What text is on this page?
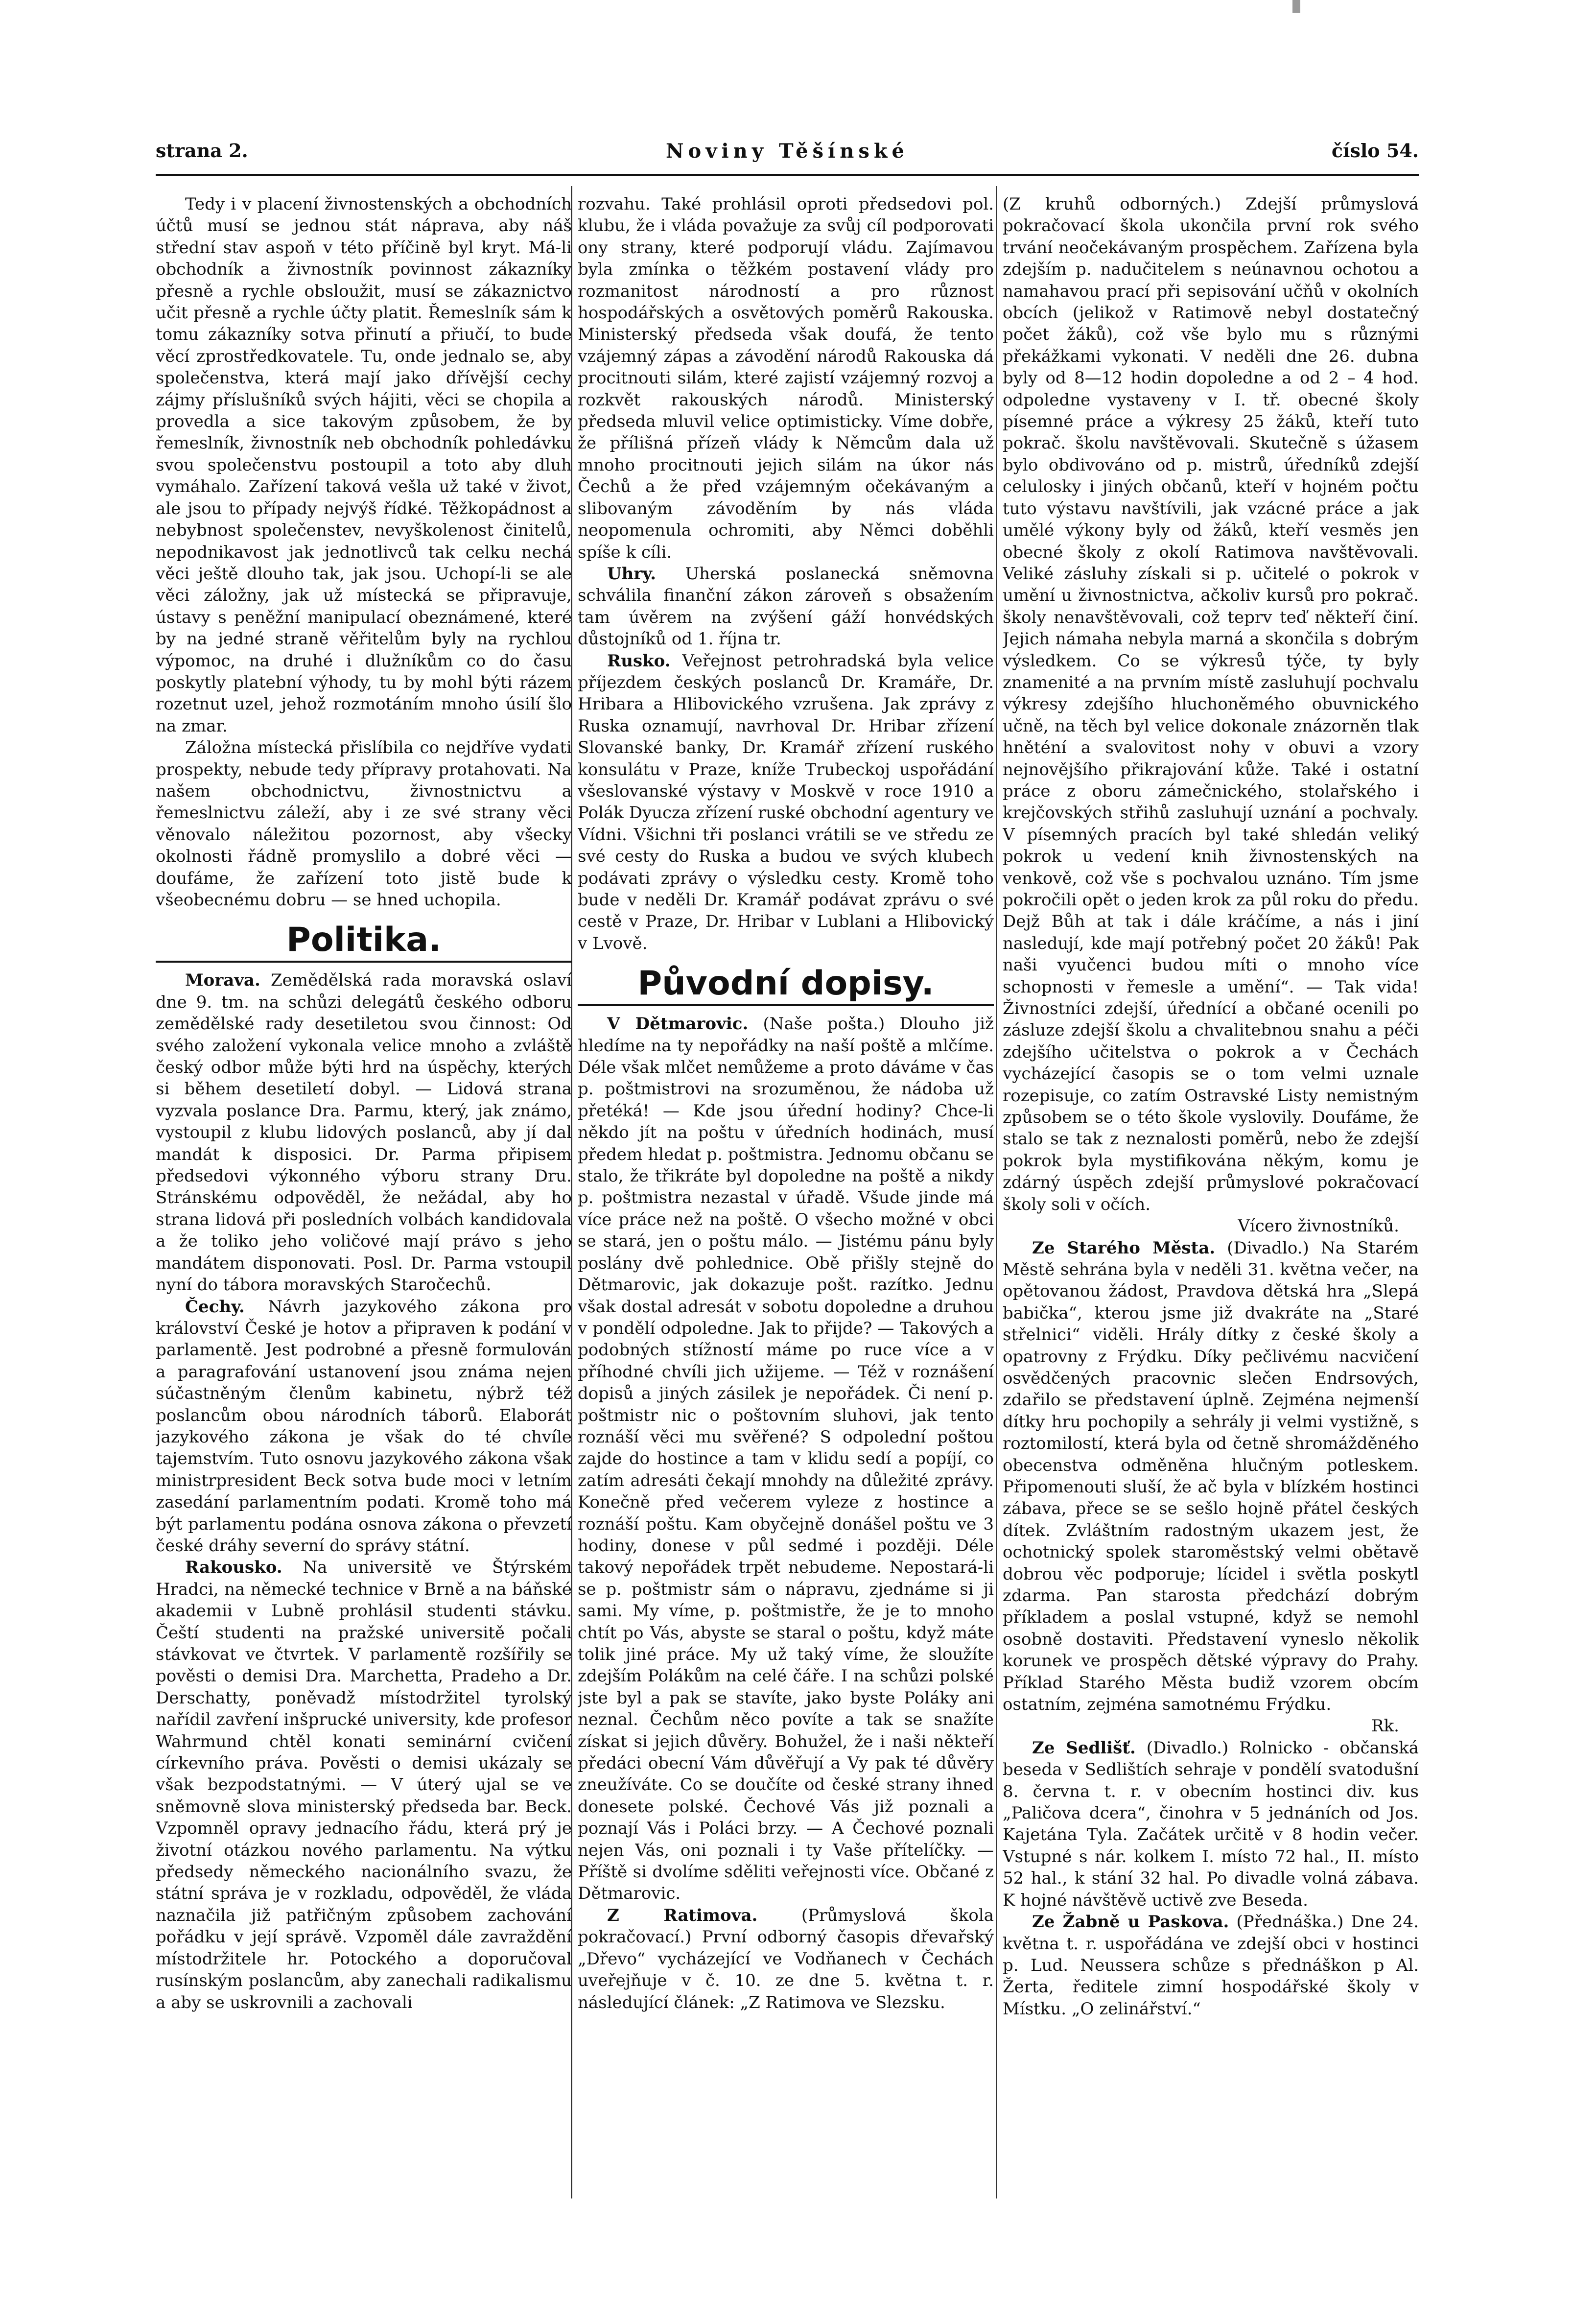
strana 2.	Noviny Těšínské	číslo 54.

Tedy i v placení živnostenských a obchodních účtů musí se jednou stát náprava, aby náš střední stav aspoň v této příčině byl kryt. Má-li obchodník a živnostník povinnost zákazníky přesně a rychle obsloužit, musí se zákaznictvo učit přesně a rychle účty platit. Řemeslník sám k tomu zákazníky sotva přinutí a přiučí, to bude věcí zprostředkovatele. Tu, onde jednalo se, aby společenstva, která mají jako dřívější cechy zájmy příslušníků svých hájiti, věci se chopila a provedla a sice takovým způsobem, že by řemeslník, živnostník neb obchodník pohledávku svou společenstvu postoupil a toto aby dluh vymáhalo. Zařízení taková vešla už také v život, ale jsou to případy nejvýš řídké. Těžkopádnost a nebybnost společenstev, nevyškolenost činitelů, nepodnikavost jak jednotlivců tak celku nechá věci ještě dlouho tak, jak jsou. Uchopí-li se ale věci záložny, jak už místecká se připravuje, ústavy s peněžní manipulací obeznámené, které by na jedné straně věřitelům byly na rychlou výpomoc, na druhé i dlužníkům co do času poskytly platební výhody, tu by mohl býti rázem rozetnut uzel, jehož rozmotáním mnoho úsilí šlo na zmar.

Záložna místecká přislíbila co nejdříve vydati prospekty, nebude tedy přípravy protahovati. Na našem obchodnictvu, živnostnictvu a řemeslnictvu záleží, aby i ze své strany věci věnovalo náležitou pozornost, aby všecky okolnosti řádně promyslilo a dobré věci — doufáme, že zařízení toto jistě bude k všeobecnému dobru — se hned uchopila.

Politika.

Morava. Zemědělská rada moravská oslaví dne 9. tm. na schůzi delegátů českého odboru zemědělské rady desetiletou svou činnost: Od svého založení vykonala velice mnoho a zvláště český odbor může býti hrd na úspěchy, kterých si během desetiletí dobyl. — Lidová strana vyzvala poslance Dra. Parmu, který, jak známo, vystoupil z klubu lidových poslanců, aby jí dal mandát k disposici. Dr. Parma připisem předsedovi výkonného výboru strany Dru. Stránskému odpověděl, že nežádal, aby ho strana lidová při posledních volbách kandidovala a že toliko jeho voličové mají právo s jeho mandátem disponovati. Posl. Dr. Parma vstoupil nyní do tábora moravských Staročechů.

Čechy. Návrh jazykového zákona pro království České je hotov a připraven k podání v parlamentě. Jest podrobné a přesně formulován a paragrafování ustanovení jsou známa nejen súčastněným členům kabinetu, nýbrž též poslancům obou národních táborů. Elaborát jazykového zákona je však do té chvíle tajemstvím. Tuto osnovu jazykového zákona však ministrpresident Beck sotva bude moci v letním zasedání parlamentním podati. Kromě toho má být parlamentu podána osnova zákona o převzetí české dráhy severní do správy státní.

Rakousko. Na universitě ve Štýrském Hradci, na německé technice v Brně a na báňské akademii v Lubně prohlásil studenti stávku. Čeští studenti na pražské universitě počali stávkovat ve čtvrtek. V parlamentě rozšířily se pověsti o demisi Dra. Marchetta, Pradeho a Dr. Derschatty, poněvadž místodržitel tyrolský nařídil zavření inšprucké university, kde profesor Wahrmund chtěl konati seminární cvičení církevního práva. Pověsti o demisi ukázaly se však bezpodstatnými. — V úterý ujal se ve sněmovně slova ministerský předseda bar. Beck. Vzpomněl opravy jednacího řádu, která prý je životní otázkou nového parlamentu. Na výtku předsedy německého nacionálního svazu, že státní správa je v rozkladu, odpověděl, že vláda naznačila již patřičným způsobem zachování pořádku v její správě. Vzpoměl dále zavraždění místodržitele hr. Potockého a doporučoval rusínským poslancům, aby zanechali radikalismu a aby se uskrovnili a zachovali

rozvahu. Také prohlásil oproti předsedovi pol. klubu, že i vláda považuje za svůj cíl podporovati ony strany, které podporují vládu. Zajímavou byla zmínka o těžkém postavení vlády pro rozmanitost národností a pro různost hospodářských a osvětových poměrů Rakouska. Ministerský předseda však doufá, že tento vzájemný zápas a závodění národů Rakouska dá procitnouti silám, které zajistí vzájemný rozvoj a rozkvět rakouských národů. Ministerský předseda mluvil velice optimisticky. Víme dobře, že přílišná přízeň vlády k Němcům dala už mnoho procitnouti jejich silám na úkor nás Čechů a že před vzájemným očekávaným a slibovaným závoděním by nás vláda neopomenula ochromiti, aby Němci doběhli spíše k cíli.

Uhry. Uherská poslanecká sněmovna schválila finanční zákon zároveň s obsažením tam úvěrem na zvýšení gáží honvédských důstojníků od 1. října tr.

Rusko. Veřejnost petrohradská byla velice příjezdem českých poslanců Dr. Kramáře, Dr. Hribara a Hlibovického vzrušena. Jak zprávy z Ruska oznamují, navrhoval Dr. Hribar zřízení Slovanské banky, Dr. Kramář zřízení ruského konsulátu v Praze, kníže Trubeckoj uspořádání všeslovanské výstavy v Moskvě v roce 1910 a Polák Dyucza zřízení ruské obchodní agentury ve Vídni. Všichni tři poslanci vrátili se ve středu ze své cesty do Ruska a budou ve svých klubech podávati zprávy o výsledku cesty. Kromě toho bude v neděli Dr. Kramář podávat zprávu o své cestě v Praze, Dr. Hribar v Lublani a Hlibovický v Lvově.

Původní dopisy.

V Dětmarovic. (Naše pošta.) Dlouho již hledíme na ty nepořádky na naší poště a mlčíme. Déle však mlčet nemůžeme a proto dáváme v čas p. poštmistrovi na srozuměnou, že nádoba už přetéká! — Kde jsou úřední hodiny? Chce-li někdo jít na poštu v úředních hodinách, musí předem hledat p. poštmistra. Jednomu občanu se stalo, že třikráte byl dopoledne na poště a nikdy p. poštmistra nezastal v úřadě. Všude jinde má více práce než na poště. O všecho možné v obci se stará, jen o poštu málo. — Jistému pánu byly poslány dvě pohlednice. Obě přišly stejně do Dětmarovic, jak dokazuje pošt. razítko. Jednu však dostal adresát v sobotu dopoledne a druhou v pondělí odpoledne. Jak to přijde? — Takových a podobných stížností máme po ruce více a v příhodné chvíli jich užijeme. — Též v roznášení dopisů a jiných zásilek je nepořádek. Či není p. poštmistr nic o poštovním sluhovi, jak tento roznáší věci mu svěřené? S odpolední poštou zajde do hostince a tam v klidu sedí a popíjí, co zatím adresáti čekají mnohdy na důležité zprávy. Konečně před večerem vyleze z hostince a roznáší poštu. Kam obyčejně donášel poštu ve 3 hodiny, donese v půl sedmé i později. Déle takový nepořádek trpět nebudeme. Nepostará-li se p. poštmistr sám o nápravu, zjednáme si ji sami. My víme, p. poštmistře, že je to mnoho chtít po Vás, abyste se staral o poštu, když máte tolik jiné práce. My už taký víme, že sloužíte zdejším Polákům na celé čáře. I na schůzi polské jste byl a pak se stavíte, jako byste Poláky ani neznal. Čechům něco povíte a tak se snažíte získat si jejich důvěry. Bohužel, že i naši někteří předáci obecní Vám důvěřují a Vy pak té důvěry zneužíváte. Co se doučíte od české strany ihned donesete polské. Čechové Vás již poznali a poznají Vás i Poláci brzy. — A Čechové poznali nejen Vás, oni poznali i ty Vaše přítelíčky. — Příště si dvolíme sděliti veřejnosti více. Občané z Dětmarovic.

Z Ratimova. (Průmyslová škola pokračovací.) První odborný časopis dřevařský „Dřevo“ vycházející ve Vodňanech v Čechách uveřejňuje v č. 10. ze dne 5. května t. r. následující článek: „Z Ratimova ve Slezsku.

(Z kruhů odborných.) Zdejší průmyslová pokračovací škola ukončila první rok svého trvání neočekávaným prospěchem. Zařízena byla zdejším p. nadučitelem s neúnavnou ochotou a namahavou prací při sepisování učňů v okolních obcích (jelikož v Ratimově nebyl dostatečný počet žáků), což vše bylo mu s různými překážkami vykonati. V neděli dne 26. dubna byly od 8—12 hodin dopoledne a od 2 – 4 hod. odpoledne vystaveny v I. tř. obecné školy písemné práce a výkresy 25 žáků, kteří tuto pokrač. školu navštěvovali. Skutečně s úžasem bylo obdivováno od p. mistrů, úředníků zdejší celulosky i jiných občanů, kteří v hojném počtu tuto výstavu navštívili, jak vzácné práce a jak umělé výkony byly od žáků, kteří vesměs jen obecné školy z okolí Ratimova navštěvovali. Veliké zásluhy získali si p. učitelé o pokrok v umění u živnostnictva, ačkoliv kursů pro pokrač. školy nenavštěvovali, což teprv teď někteří činí. Jejich námaha nebyla marná a skončila s dobrým výsledkem. Co se výkresů týče, ty byly znamenité a na prvním místě zasluhují pochvalu výkresy zdejšího hluchoněmého obuvnického učně, na těch byl velice dokonale znázorněn tlak hněténí a svalovitost nohy v obuvi a vzory nejnovějšího přikrajování kůže. Také i ostatní práce z oboru zámečnického, stolařského i krejčovských střihů zasluhují uznání a pochvaly. V písemných pracích byl také shledán veliký pokrok u vedení knih živnostenských na venkově, což vše s pochvalou uznáno. Tím jsme pokročili opět o jeden krok za půl roku do předu. Dejž Bůh at tak i dále kráčíme, a nás i jiní nasledují, kde mají potřebný počet 20 žáků! Pak naši vyučenci budou míti o mnoho více schopnosti v řemesle a umění“. — Tak vida! Živnostníci zdejší, úřednící a občané ocenili po zásluze zdejší školu a chvalitebnou snahu a péči zdejšího učitelstva o pokrok a v Čechách vycházející časopis se o tom velmi uznale rozepisuje, co zatím Ostravské Listy nemistným způsobem se o této škole vyslovily. Doufáme, že stalo se tak z neznalosti poměrů, nebo že zdejší pokrok byla mystifikována někým, komu je zdárný úspěch zdejší průmyslové pokračovací školy soli v očích.

Vícero živnostníků.

Ze Starého Města. (Divadlo.) Na Starém Městě sehrána byla v neděli 31. května večer, na opětovanou žádost, Pravdova dětská hra „Slepá babička“, kterou jsme již dvakráte na „Staré střelnici“ viděli. Hrály dítky z české školy a opatrovny z Frýdku. Díky pečlivému nacvičení osvědčených pracovnic slečen Endrsových, zdařilo se představení úplně. Zejména nejmenší dítky hru pochopily a sehrály ji velmi vystižně, s roztomilostí, která byla od četně shromážděného obecenstva odměněna hlučným potleskem. Připomenouti sluší, že ač byla v blízkém hostinci zábava, přece se se sešlo hojně přátel českých dítek. Zvláštním radostným ukazem jest, že ochotnický spolek staroměstský velmi obětavě dobrou věc podporuje; lícidel i světla poskytl zdarma. Pan starosta předchází dobrým příkladem a poslal vstupné, když se nemohl osobně dostaviti. Představení vyneslo několik korunek ve prospěch dětské výpravy do Prahy. Příklad Starého Města budiž vzorem obcím ostatním, zejména samotnému Frýdku.

Rk.

Ze Sedlišť. (Divadlo.) Rolnicko - občanská beseda v Sedlištích sehraje v pondělí svatodušní 8. června t. r. v obecním hostinci div. kus „Paličova dcera“, činohra v 5 jednáních od Jos. Kajetána Tyla. Začátek určitě v 8 hodin večer. Vstupné s nár. kolkem I. místo 72 hal., II. místo 52 hal., k stání 32 hal. Po divadle volná zábava. K hojné návštěvě uctivě zve Beseda.

Ze Žabně u Paskova. (Přednáška.) Dne 24. května t. r. uspořádána ve zdejší obci v hostinci p. Lud. Neussera schůze s přednáškon p Al. Žerta, ředitele zimní hospodářské školy v Místku. „O zelinářství.“
